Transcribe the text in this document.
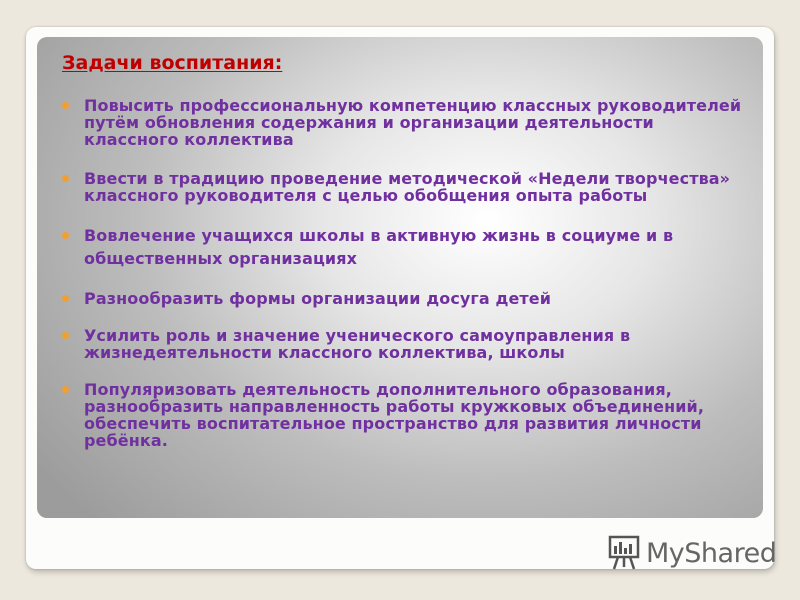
Задачи воспитания:
Повысить профессиональную компетенцию классных руководителей путём обновления содержания и организации деятельности классного коллектива
Ввести в традицию проведение методической «Недели творчества» классного руководителя с целью обобщения опыта работы
Вовлечение учащихся школы в активную жизнь в социуме и в общественных организациях
Разнообразить формы организации досуга детей
Усилить роль и значение ученического самоуправления в жизнедеятельности классного коллектива, школы
Популяризовать деятельность дополнительного образования, разнообразить направленность работы кружковых объединений, обеспечить воспитательное пространство для развития личности ребёнка.
MyShared
